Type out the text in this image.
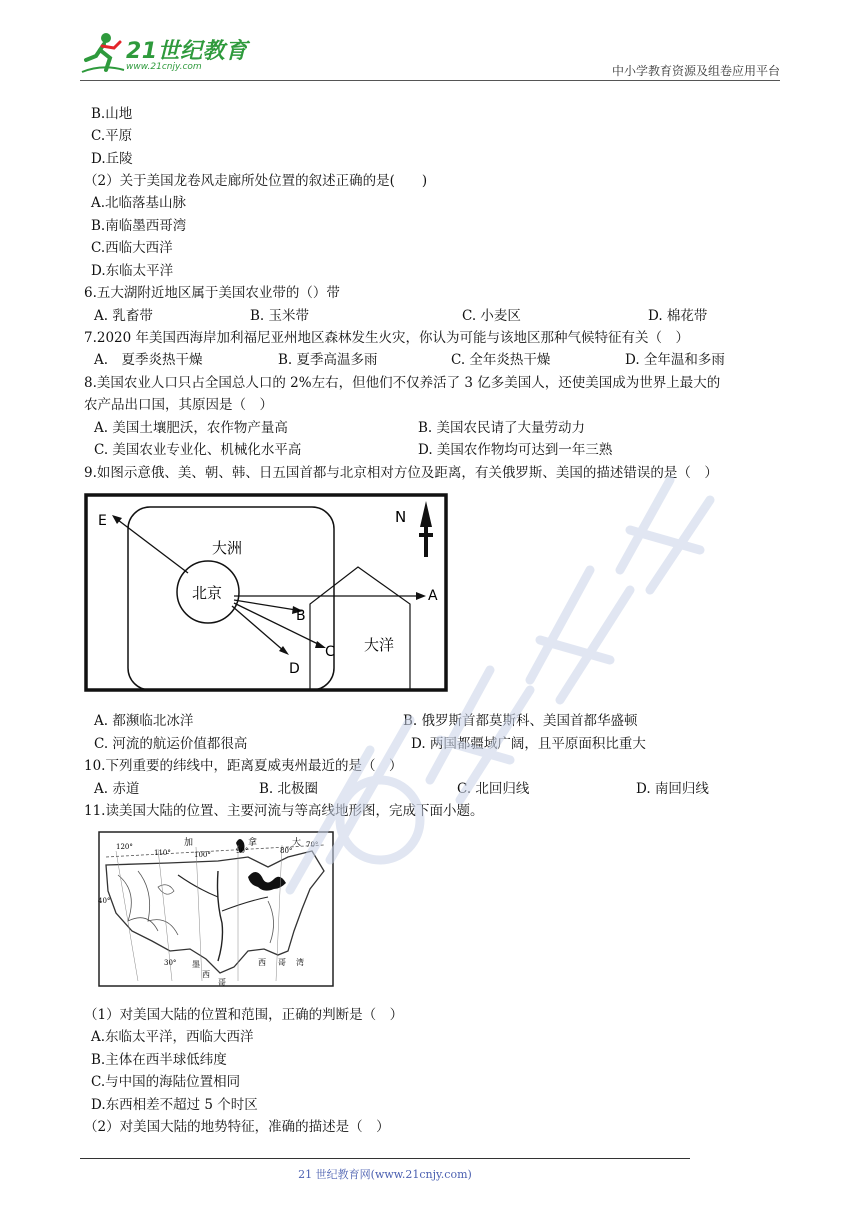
21世纪教育
www.21cnjy.com	中小学教育资源及组卷应用平台
B.山地
C.平原
D.丘陵
（2）关于美国龙卷风走廊所处位置的叙述正确的是(　　)
A.北临落基山脉
B.南临墨西哥湾
C.西临大西洋
D.东临太平洋
6.五大湖附近地区属于美国农业带的（）带
A. 乳畜带	B. 玉米带	C. 小麦区	D. 棉花带
7.2020 年美国西海岸加利福尼亚州地区森林发生火灾，你认为可能与该地区那种气候特征有关（　）
A.　夏季炎热干燥	B. 夏季高温多雨	C. 全年炎热干燥	D. 全年温和多雨
8.美国农业人口只占全国总人口的 2%左右，但他们不仅养活了 3 亿多美国人，还使美国成为世界上最大的
农产品出口国，其原因是（　）
A. 美国土壤肥沃，农作物产量高	B. 美国农民请了大量劳动力
C. 美国农业专业化、机械化水平高	D. 美国农作物均可达到一年三熟
9.如图示意俄、美、朝、韩、日五国首都与北京相对方位及距离，有关俄罗斯、美国的描述错误的是（　）
大洲
北京
大洋
A
B
C
D
E	N
A. 都濒临北冰洋	B. 俄罗斯首都莫斯科、美国首都华盛顿
C. 河流的航运价值都很高	D. 两国都疆域广阔，且平原面积比重大
10.下列重要的纬线中，距离夏威夷州最近的是（　）
A. 赤道	B. 北极圈	C. 北回归线	D. 南回归线
11.读美国大陆的位置、主要河流与等高线地形图，完成下面小题。
120°
110°	100°	90°	80°
70°
40°
30°
加	拿	大
墨	西 哥 湾
西
哥
（1）对美国大陆的位置和范围，正确的判断是（　）
A.东临太平洋，西临大西洋
B.主体在西半球低纬度
C.与中国的海陆位置相同
D.东西相差不超过 5 个时区
（2）对美国大陆的地势特征，准确的描述是（　）
21 世纪教育网(www.21cnjy.com)
